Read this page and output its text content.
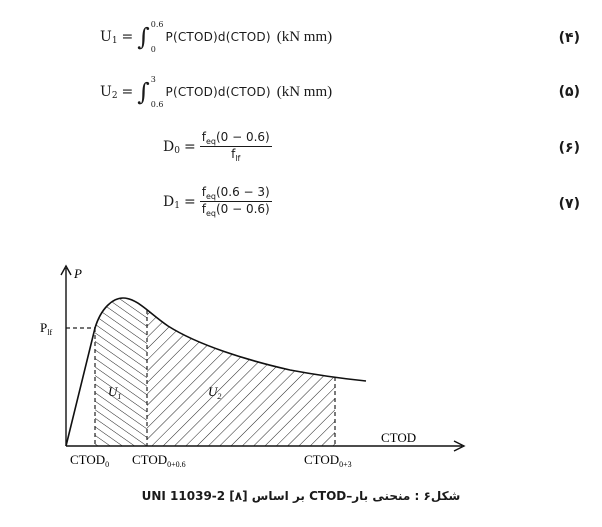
U 1 = ∫ 0.6
0
P(CTOD)d(CTOD) (kN mm)	(۴)
U 2 = ∫ 3
0.6
P(CTOD)d(CTOD) (kN mm)	(۵)
D $0 = \frac{f_{eq}(0 - 0.6)}{f_{lf}}$	(۶)
D $1 = \frac{f_{eq}(0.6 - 3)}{f_{eq}(0 - 0.6)}$	(۷)
P
$P_{lf}$
CTOD
$U_1$	$U_2$
$CTOD_0$ $CTOD_{0+0.6}$	$CTOD_{0+3}$
شکل۶ : منحنی بار–CTOD بر اساس UNI 11039-2 [۸]
